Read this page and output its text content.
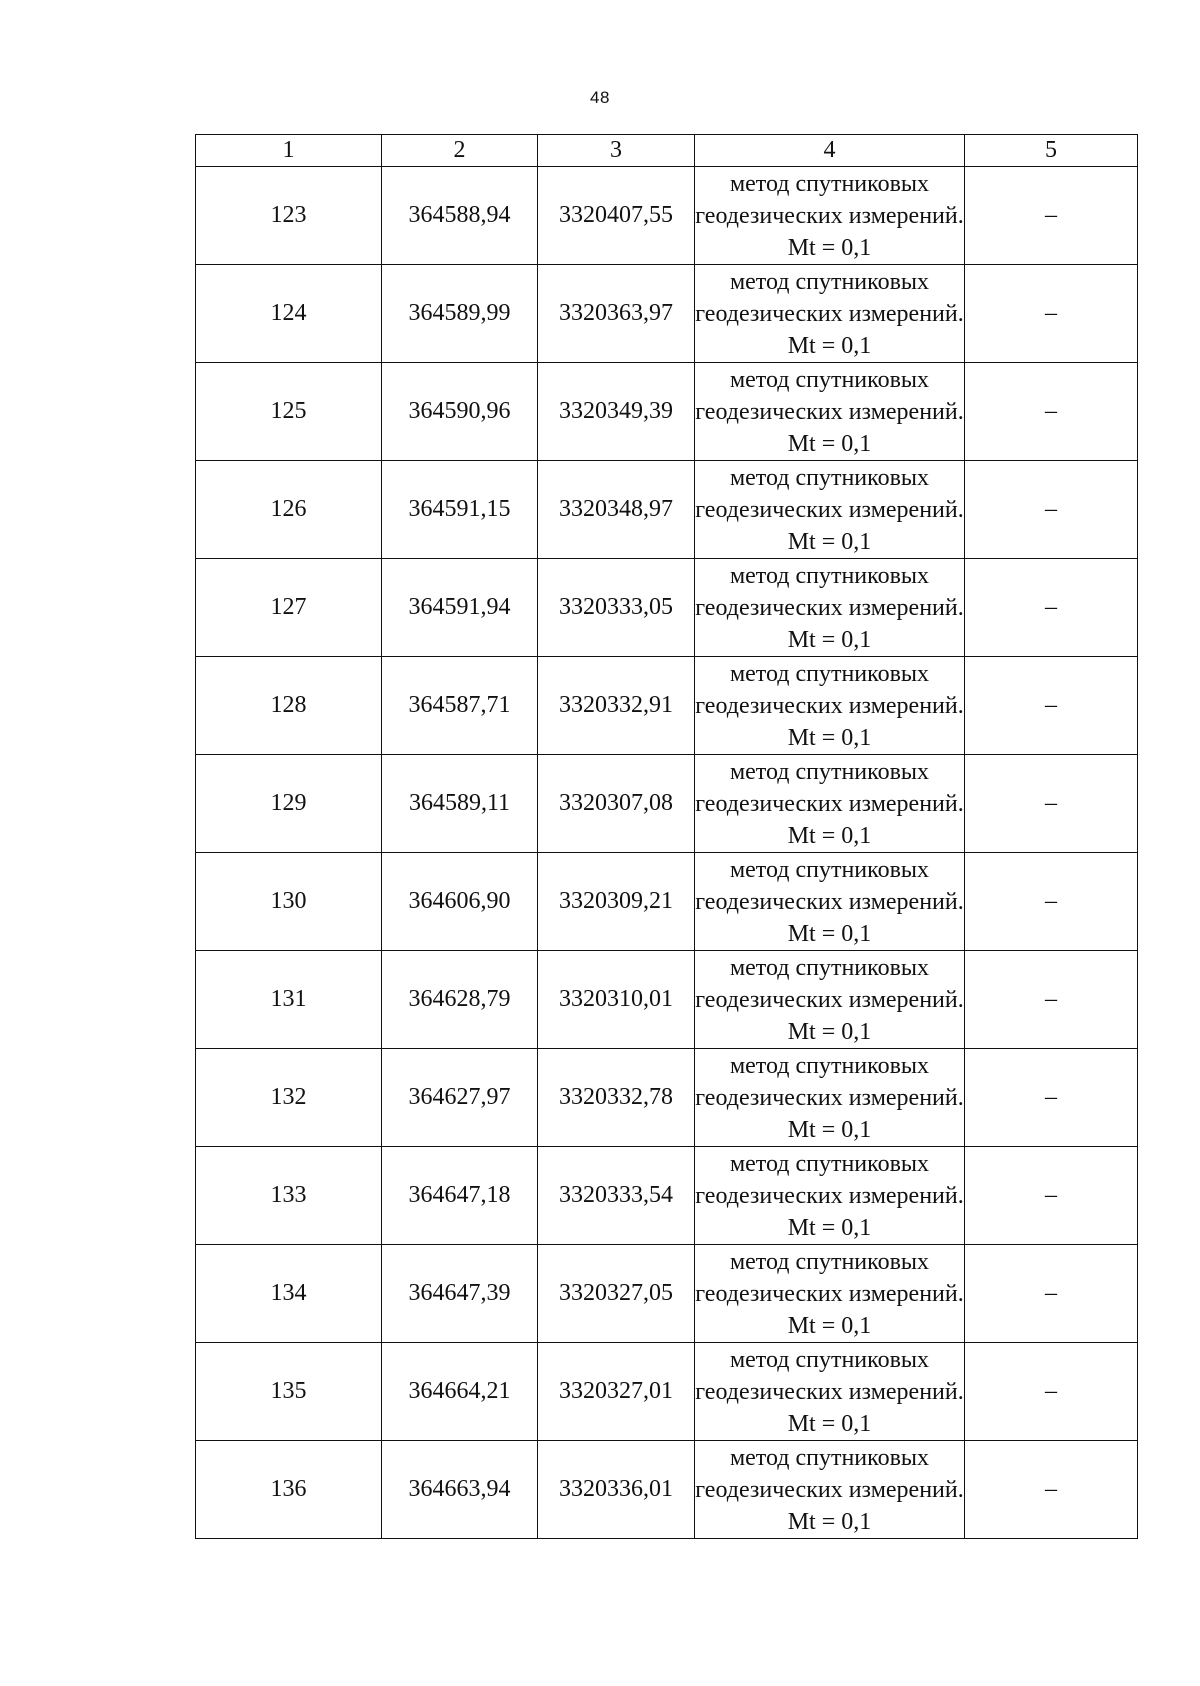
48
1	2	3	4	5
123	364588,94	3320407,55	метод спутниковых геодезических измерений. Mt = 0,1	–
124	364589,99	3320363,97	метод спутниковых геодезических измерений. Mt = 0,1	–
125	364590,96	3320349,39	метод спутниковых геодезических измерений. Mt = 0,1	–
126	364591,15	3320348,97	метод спутниковых геодезических измерений. Mt = 0,1	–
127	364591,94	3320333,05	метод спутниковых геодезических измерений. Mt = 0,1	–
128	364587,71	3320332,91	метод спутниковых геодезических измерений. Mt = 0,1	–
129	364589,11	3320307,08	метод спутниковых геодезических измерений. Mt = 0,1	–
130	364606,90	3320309,21	метод спутниковых геодезических измерений. Mt = 0,1	–
131	364628,79	3320310,01	метод спутниковых геодезических измерений. Mt = 0,1	–
132	364627,97	3320332,78	метод спутниковых геодезических измерений. Mt = 0,1	–
133	364647,18	3320333,54	метод спутниковых геодезических измерений. Mt = 0,1	–
134	364647,39	3320327,05	метод спутниковых геодезических измерений. Mt = 0,1	–
135	364664,21	3320327,01	метод спутниковых геодезических измерений. Mt = 0,1	–
136	364663,94	3320336,01	метод спутниковых геодезических измерений. Mt = 0,1	–
